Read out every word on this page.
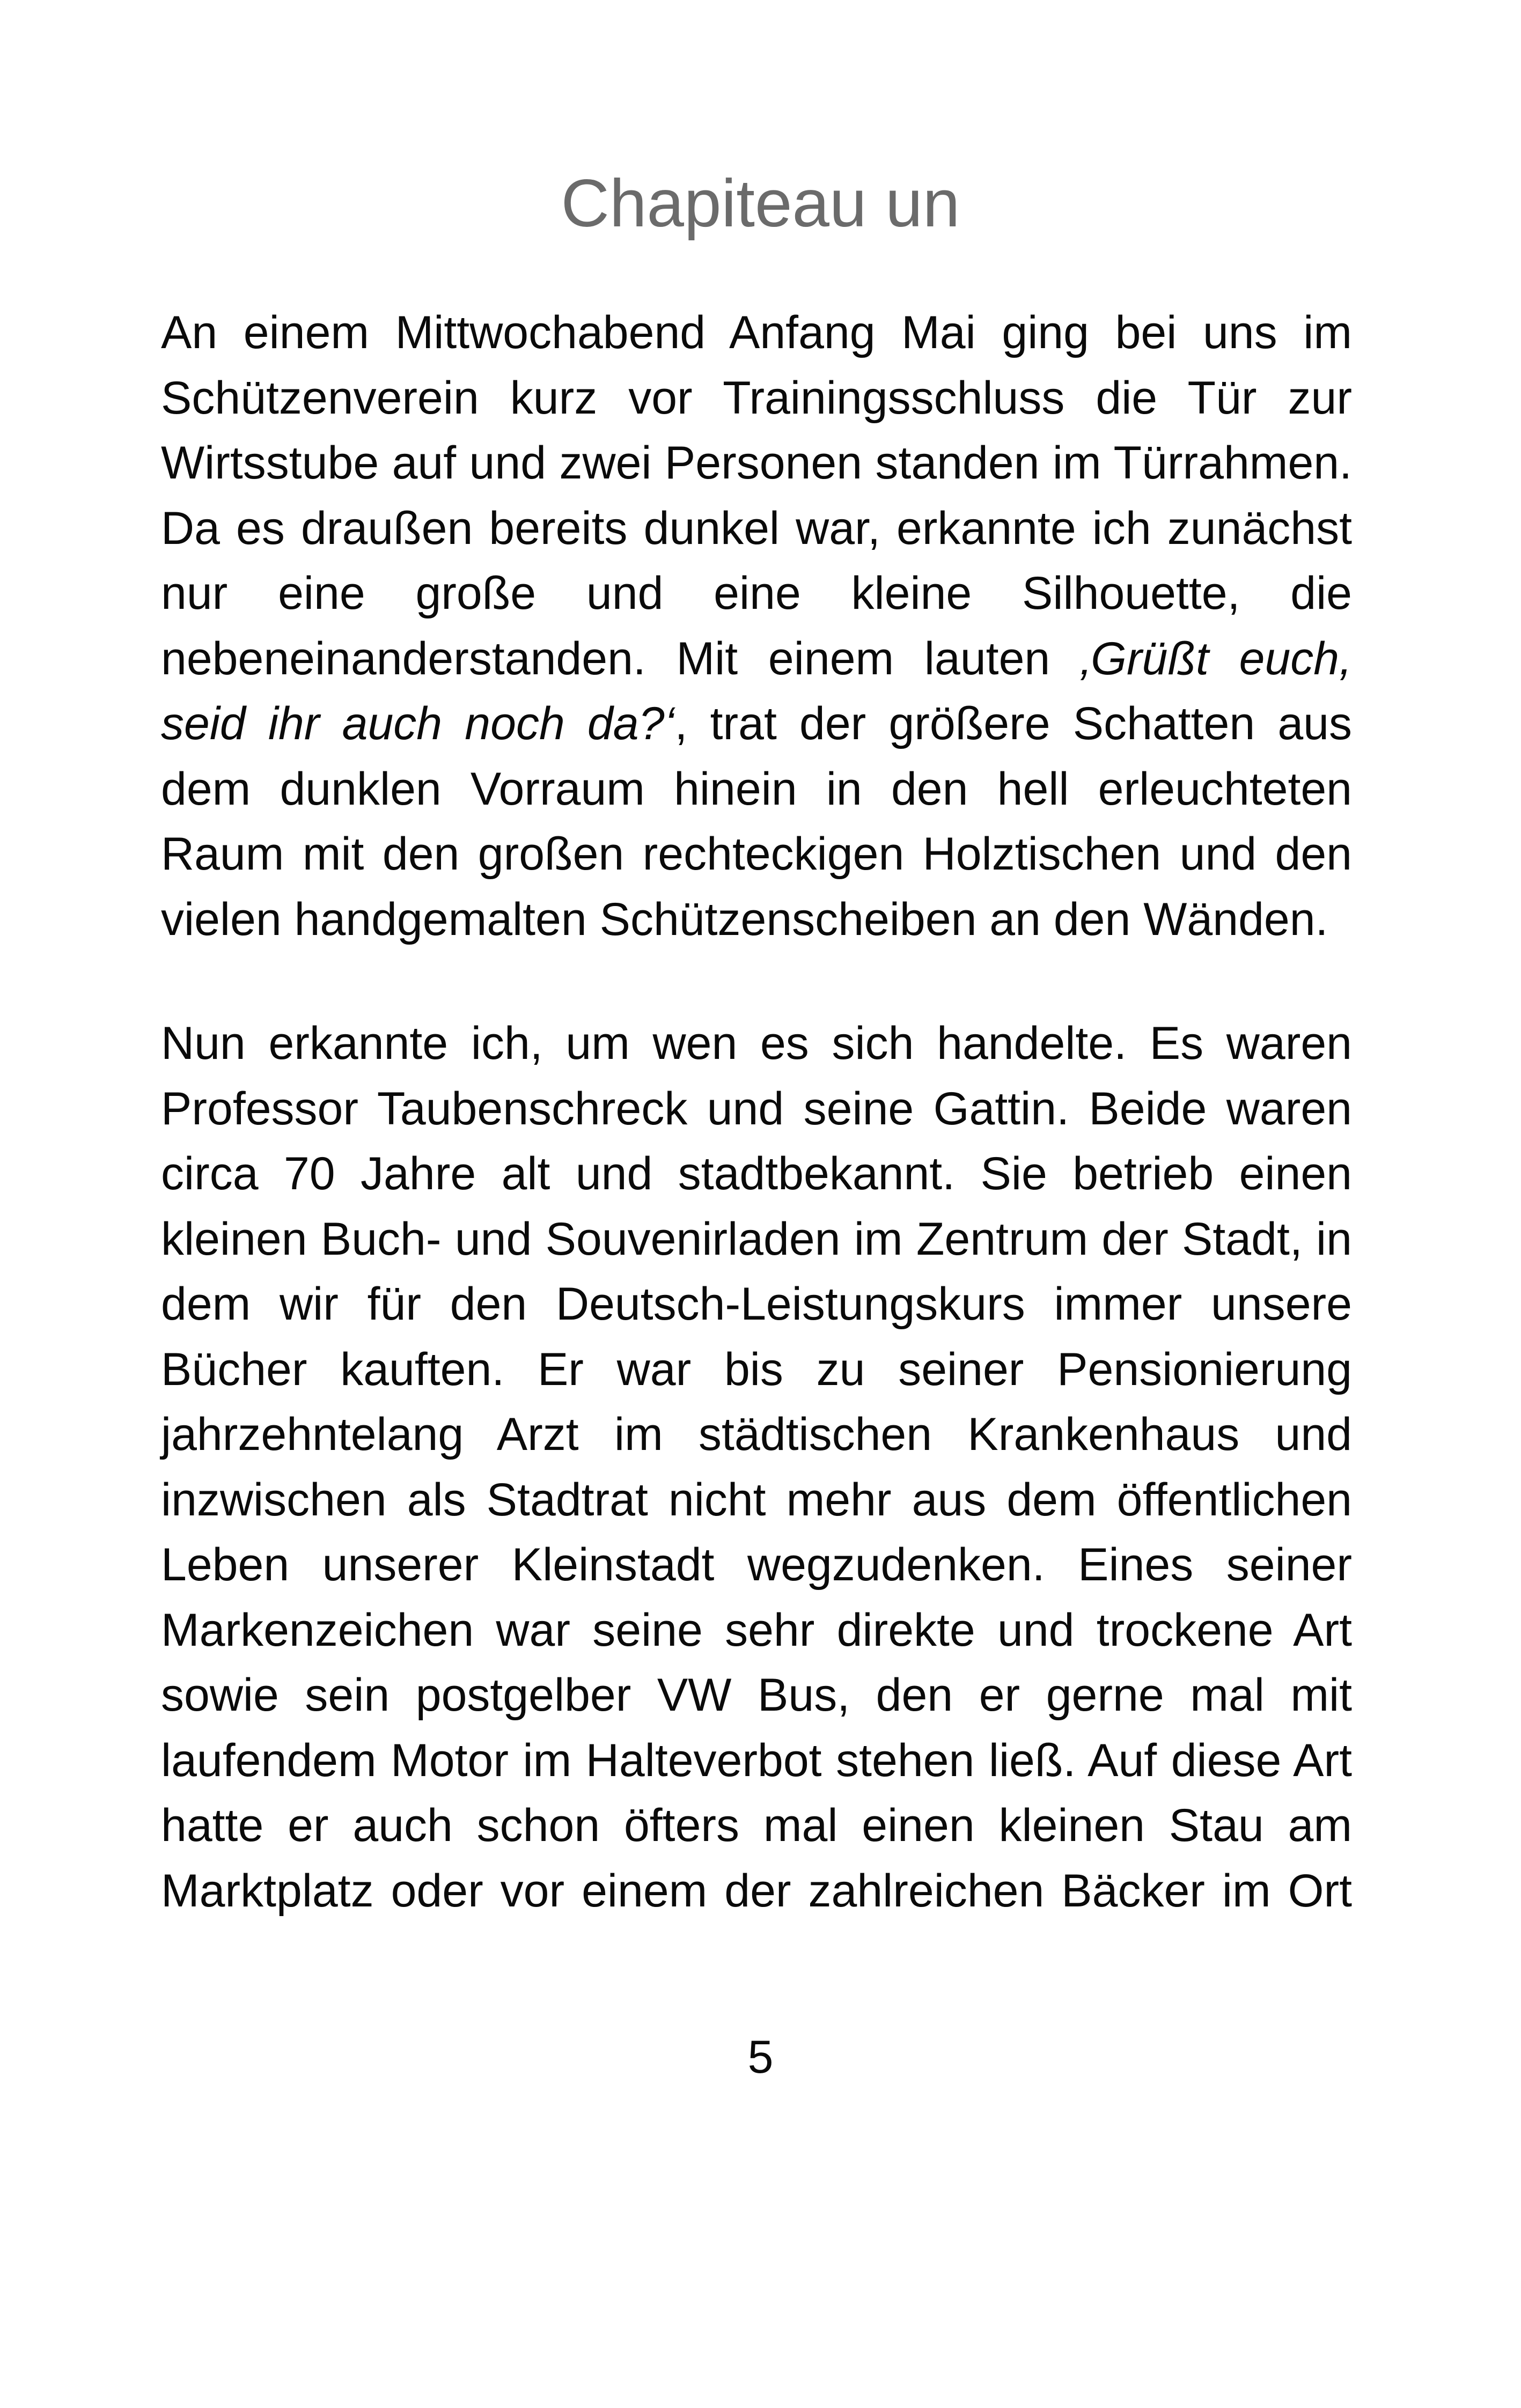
Chapiteau un

An einem Mittwochabend Anfang Mai ging bei uns im Schützenverein kurz vor Trainingsschluss die Tür zur Wirtsstube auf und zwei Personen standen im Türrahmen. Da es draußen bereits dunkel war, erkannte ich zunächst nur eine große und eine kleine Silhouette, die nebeneinanderstanden. Mit einem lauten ‚Grüßt euch, seid ihr auch noch da?‘, trat der größere Schatten aus dem dunklen Vorraum hinein in den hell erleuchteten Raum mit den großen rechteckigen Holztischen und den vielen handgemalten Schützenscheiben an den Wänden.

Nun erkannte ich, um wen es sich handelte. Es waren Professor Taubenschreck und seine Gattin. Beide waren circa 70 Jahre alt und stadtbekannt. Sie betrieb einen kleinen Buch- und Souvenirladen im Zentrum der Stadt, in dem wir für den Deutsch-Leistungskurs immer unsere Bücher kauften. Er war bis zu seiner Pensionierung jahrzehntelang Arzt im städtischen Krankenhaus und inzwischen als Stadtrat nicht mehr aus dem öffentlichen Leben unserer Kleinstadt wegzudenken. Eines seiner Markenzeichen war seine sehr direkte und trockene Art sowie sein postgelber VW Bus, den er gerne mal mit laufendem Motor im Halteverbot stehen ließ. Auf diese Art hatte er auch schon öfters mal einen kleinen Stau am Marktplatz oder vor einem der zahlreichen Bäcker im Ort

5
